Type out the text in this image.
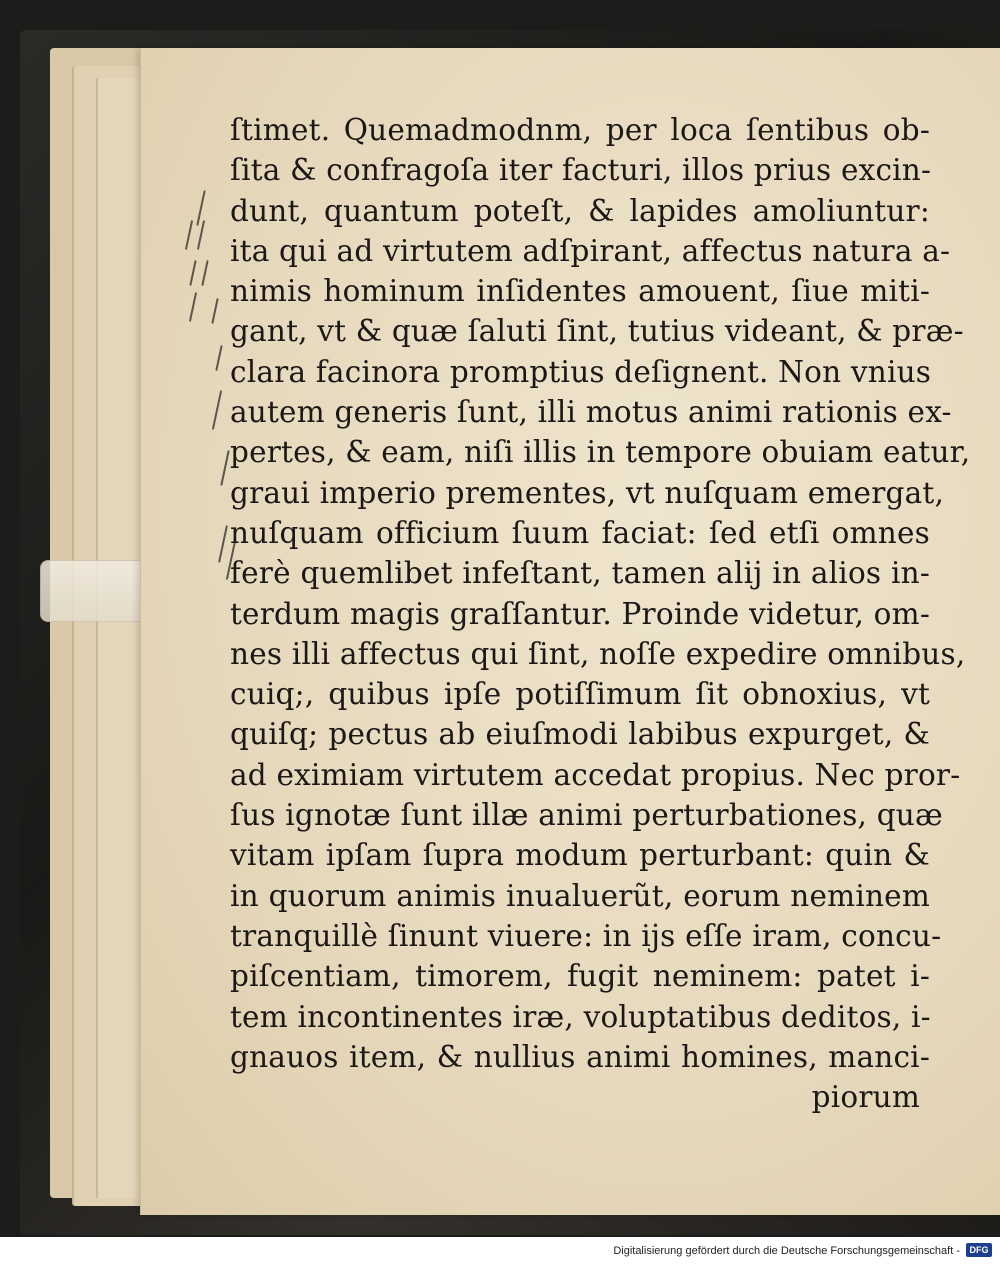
ſtimet. Quemadmodnm, per loca ſentibus ob-
ſita & confragoſa iter facturi, illos prius excin-
dunt, quantum poteſt, & lapides amoliuntur:
ita qui ad virtutem adſpirant, affectus natura a-
nimis hominum inſidentes amouent, ſiue miti-
gant, vt & quæ ſaluti ſint, tutius videant, & præ-
clara facinora promptius deſignent. Non vnius
autem generis ſunt, illi motus animi rationis ex-
pertes, & eam, niſi illis in tempore obuiam eatur,
graui imperio prementes, vt nuſquam emergat,
nuſquam officium ſuum faciat: ſed etſi omnes
ferè quemlibet infeſtant, tamen alij in alios in-
terdum magis graſſantur. Proinde videtur, om-
nes illi affectus qui ſint, noſſe expedire omnibus,
cuiq;, quibus ipſe potiſſimum ſit obnoxius, vt
quiſq; pectus ab eiuſmodi labibus expurget, &
ad eximiam virtutem accedat propius. Nec pror-
ſus ignotæ ſunt illæ animi perturbationes, quæ
vitam ipſam ſupra modum perturbant: quin &
in quorum animis inualuerũt, eorum neminem
tranquillè ſinunt viuere: in ijs eſſe iram, concu-
piſcentiam, timorem, fugit neminem: patet i-
tem incontinentes iræ, voluptatibus deditos, i-
gnauos item, & nullius animi homines, manci-
piorum
Digitalisierung gefördert durch die Deutsche Forschungsgemeinschaft -	DFG
